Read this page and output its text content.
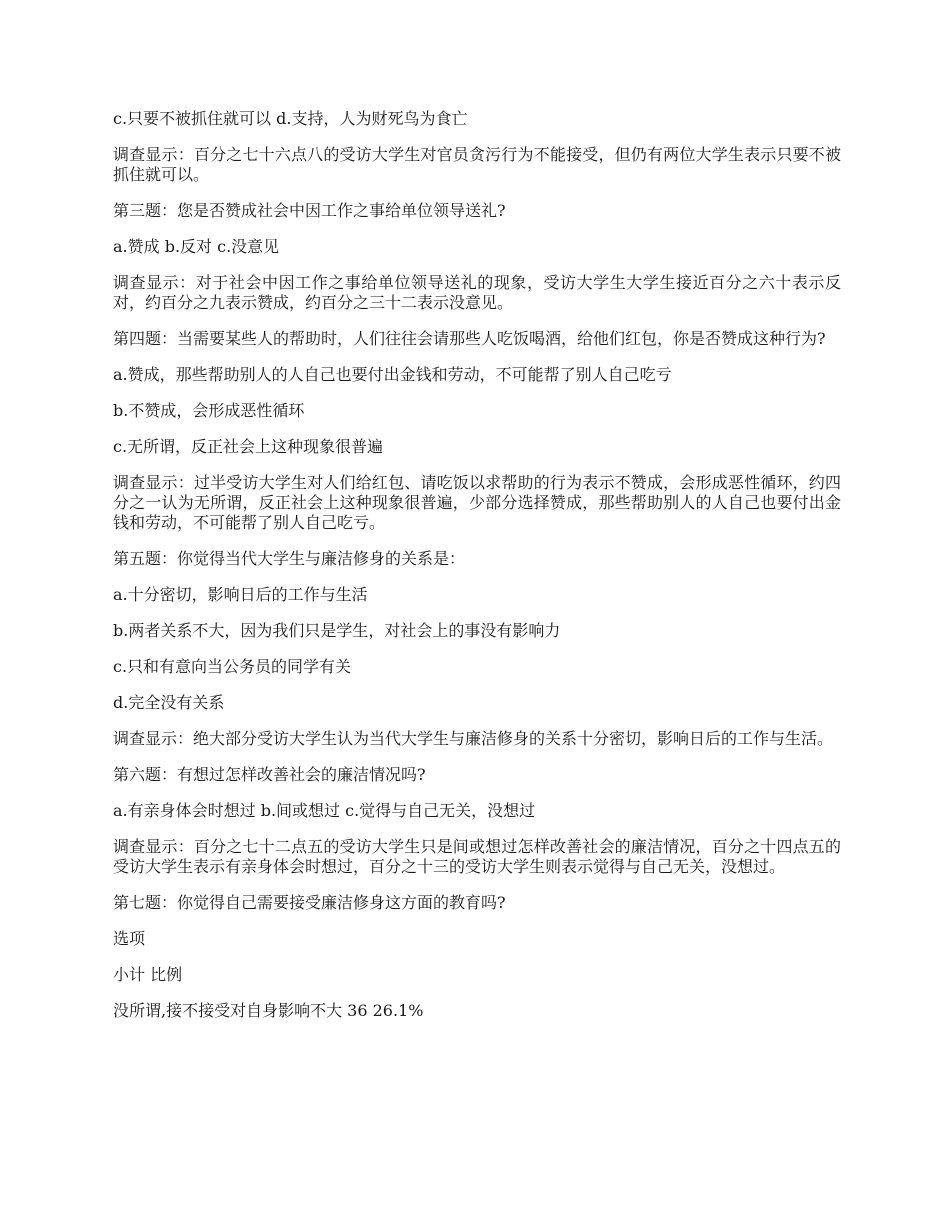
c.只要不被抓住就可以 d.支持，人为财死鸟为食亡

调查显示：百分之七十六点八的受访大学生对官员贪污行为不能接受，但仍有两位大学生表示只要不被抓住就可以。

第三题：您是否赞成社会中因工作之事给单位领导送礼?

a.赞成 b.反对 c.没意见

调查显示：对于社会中因工作之事给单位领导送礼的现象，受访大学生大学生接近百分之六十表示反对，约百分之九表示赞成，约百分之三十二表示没意见。

第四题：当需要某些人的帮助时，人们往往会请那些人吃饭喝酒，给他们红包，你是否赞成这种行为?

a.赞成，那些帮助别人的人自己也要付出金钱和劳动，不可能帮了别人自己吃亏

b.不赞成，会形成恶性循环

c.无所谓，反正社会上这种现象很普遍

调查显示：过半受访大学生对人们给红包、请吃饭以求帮助的行为表示不赞成，会形成恶性循环，约四分之一认为无所谓，反正社会上这种现象很普遍，少部分选择赞成，那些帮助别人的人自己也要付出金钱和劳动，不可能帮了别人自己吃亏。

第五题：你觉得当代大学生与廉洁修身的关系是：

a.十分密切，影响日后的工作与生活

b.两者关系不大，因为我们只是学生，对社会上的事没有影响力

c.只和有意向当公务员的同学有关

d.完全没有关系

调查显示：绝大部分受访大学生认为当代大学生与廉洁修身的关系十分密切，影响日后的工作与生活。

第六题：有想过怎样改善社会的廉洁情况吗?

a.有亲身体会时想过 b.间或想过 c.觉得与自己无关，没想过

调查显示：百分之七十二点五的受访大学生只是间或想过怎样改善社会的廉洁情况，百分之十四点五的受访大学生表示有亲身体会时想过，百分之十三的受访大学生则表示觉得与自己无关，没想过。

第七题：你觉得自己需要接受廉洁修身这方面的教育吗?

选项

小计 比例

没所谓,接不接受对自身影响不大 36 26.1%
